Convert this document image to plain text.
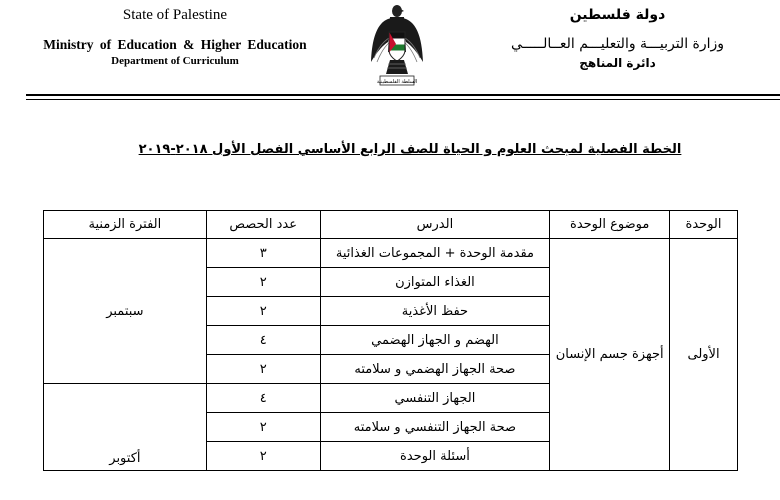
State of Palestine
Ministry of Education & Higher Education
Department of Curriculum
السلطة الفلسطينية
دولة فلسطين
وزارة التربيـــة والتعليـــم العــالـــــي
دائرة المناهج
الخطة الفصلية لمبحث العلوم و الحياة للصف الرابع الأساسي الفصل الأول ٢٠١٨-٢٠١٩
الوحدة	موضوع الوحدة	الدرس	عدد الحصص	الفترة الزمنية
الأولى	أجهزة جسم الإنسان	مقدمة الوحدة + المجموعات الغذائية	٣	سبتمبر
		الغذاء المتوازن	٢	
		حفظ الأغذية	٢	
		الهضم و الجهاز الهضمي	٤	
		صحة الجهاز الهضمي و سلامته	٢	
		الجهاز التنفسي	٤	أكتوبر
		صحة الجهاز التنفسي و سلامته	٢	
		أسئلة الوحدة	٢	
